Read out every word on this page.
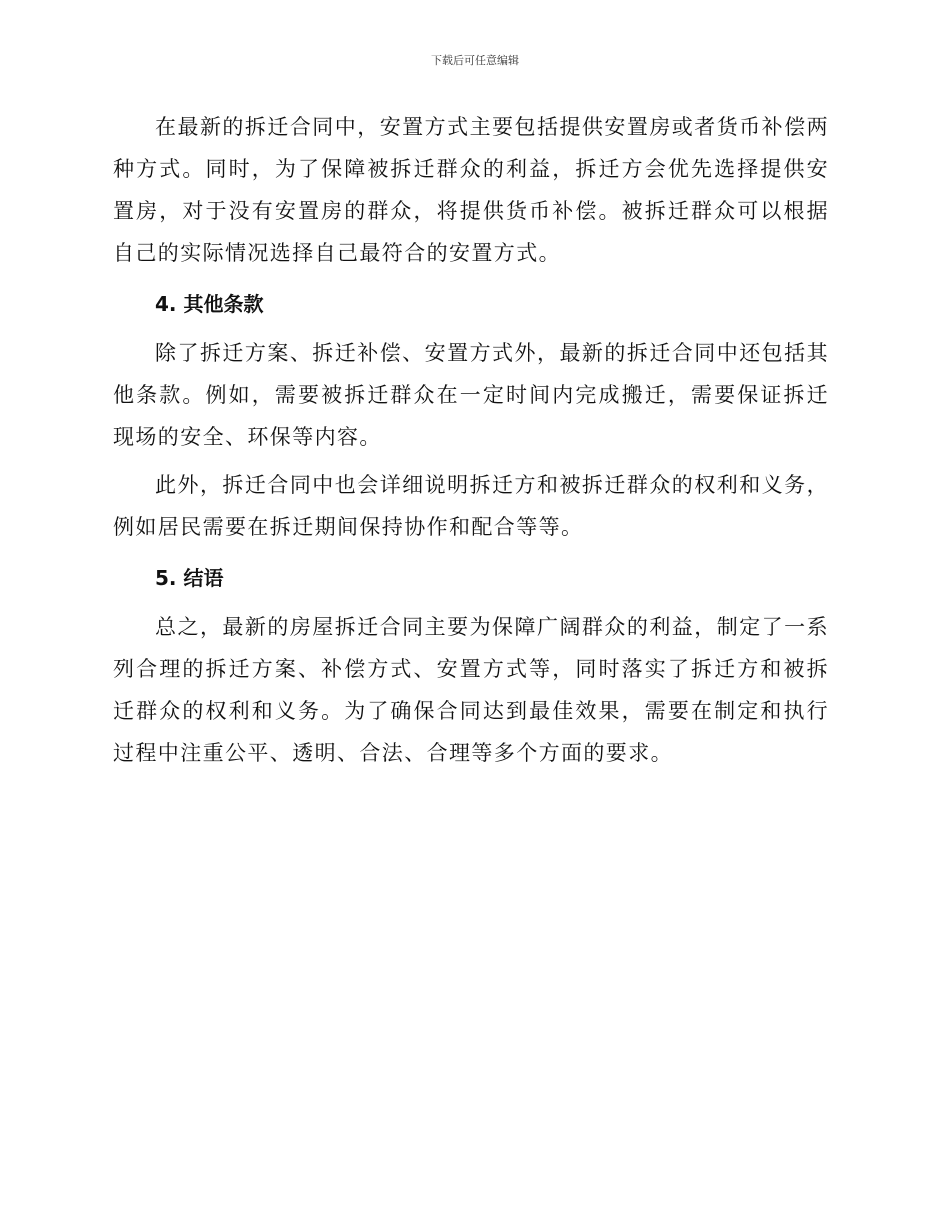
下载后可任意编辑

在最新的拆迁合同中，安置方式主要包括提供安置房或者货币补偿两种方式。同时，为了保障被拆迁群众的利益，拆迁方会优先选择提供安置房，对于没有安置房的群众，将提供货币补偿。被拆迁群众可以根据自己的实际情况选择自己最符合的安置方式。

4. 其他条款

除了拆迁方案、拆迁补偿、安置方式外，最新的拆迁合同中还包括其他条款。例如，需要被拆迁群众在一定时间内完成搬迁，需要保证拆迁现场的安全、环保等内容。

此外，拆迁合同中也会详细说明拆迁方和被拆迁群众的权利和义务，例如居民需要在拆迁期间保持协作和配合等等。

5. 结语

总之，最新的房屋拆迁合同主要为保障广阔群众的利益，制定了一系列合理的拆迁方案、补偿方式、安置方式等，同时落实了拆迁方和被拆迁群众的权利和义务。为了确保合同达到最佳效果，需要在制定和执行过程中注重公平、透明、合法、合理等多个方面的要求。
